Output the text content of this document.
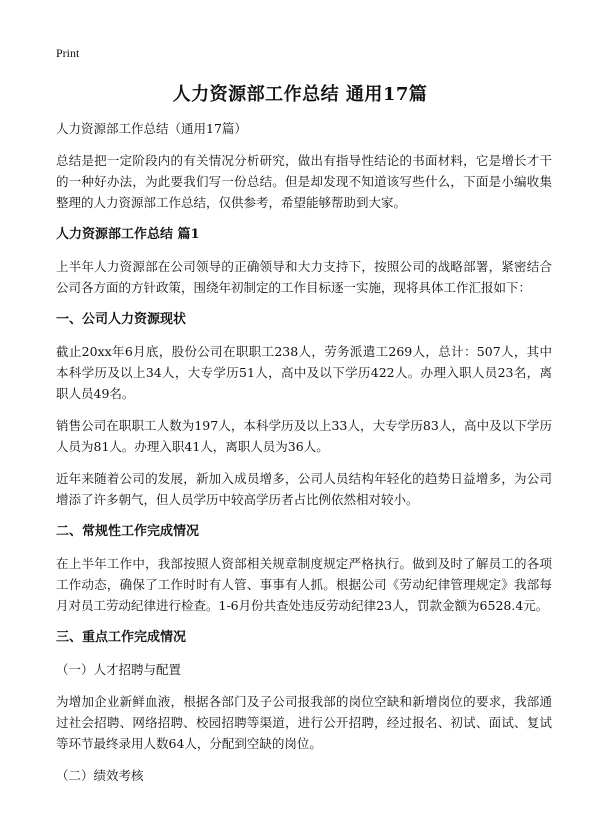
Print
人力资源部工作总结 通用17篇

人力资源部工作总结（通用17篇）

总结是把一定阶段内的有关情况分析研究，做出有指导性结论的书面材料，它是增长才干的一种好办法，为此要我们写一份总结。但是却发现不知道该写些什么，下面是小编收集整理的人力资源部工作总结，仅供参考，希望能够帮助到大家。

人力资源部工作总结 篇1

上半年人力资源部在公司领导的正确领导和大力支持下，按照公司的战略部署，紧密结合公司各方面的方针政策，围绕年初制定的工作目标逐一实施，现将具体工作汇报如下：

一、公司人力资源现状

截止20xx年6月底，股份公司在职职工238人，劳务派遣工269人，总计：507人，其中本科学历及以上34人，大专学历51人，高中及以下学历422人。办理入职人员23名，离职人员49名。

销售公司在职职工人数为197人，本科学历及以上33人，大专学历83人，高中及以下学历人员为81人。办理入职41人，离职人员为36人。

近年来随着公司的发展，新加入成员增多，公司人员结构年轻化的趋势日益增多，为公司增添了许多朝气，但人员学历中较高学历者占比例依然相对较小。

二、常规性工作完成情况

在上半年工作中，我部按照人资部相关规章制度规定严格执行。做到及时了解员工的各项工作动态，确保了工作时时有人管、事事有人抓。根据公司《劳动纪律管理规定》我部每月对员工劳动纪律进行检查。1-6月份共查处违反劳动纪律23人，罚款金额为6528.4元。

三、重点工作完成情况

（一）人才招聘与配置

为增加企业新鲜血液，根据各部门及子公司报我部的岗位空缺和新增岗位的要求，我部通过社会招聘、网络招聘、校园招聘等渠道，进行公开招聘，经过报名、初试、面试、复试等环节最终录用人数64人，分配到空缺的岗位。

（二）绩效考核
